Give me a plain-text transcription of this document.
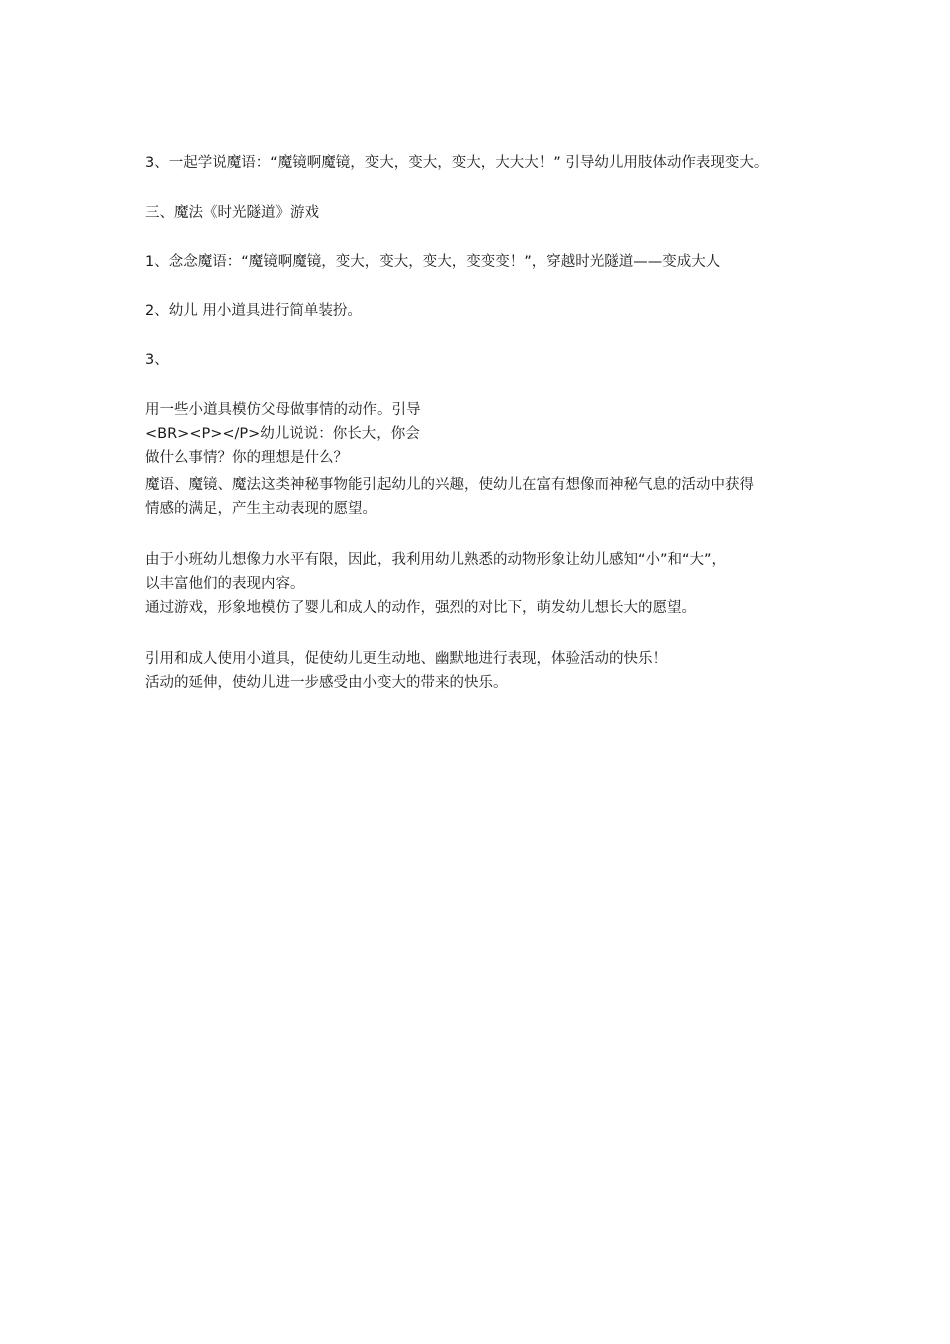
3、一起学说魔语：“魔镜啊魔镜，变大，变大，变大，大大大！” 引导幼儿用肢体动作表现变大。
三、魔法《时光隧道》游戏
1、念念魔语：“魔镜啊魔镜，变大，变大，变大，变变变！”，穿越时光隧道——变成大人
2、幼儿 用小道具进行简单装扮。
3、
用一些小道具模仿父母做事情的动作。引导
<BR><P></P>幼儿说说：你长大，你会
做什么事情？你的理想是什么？
魔语、魔镜、魔法这类神秘事物能引起幼儿的兴趣，使幼儿在富有想像而神秘气息的活动中获得
情感的满足，产生主动表现的愿望。
由于小班幼儿想像力水平有限，因此，我利用幼儿熟悉的动物形象让幼儿感知“小”和“大”，
以丰富他们的表现内容。
通过游戏，形象地模仿了婴儿和成人的动作，强烈的对比下，萌发幼儿想长大的愿望。
引用和成人使用小道具，促使幼儿更生动地、幽默地进行表现，体验活动的快乐！
活动的延伸，使幼儿进一步感受由小变大的带来的快乐。
